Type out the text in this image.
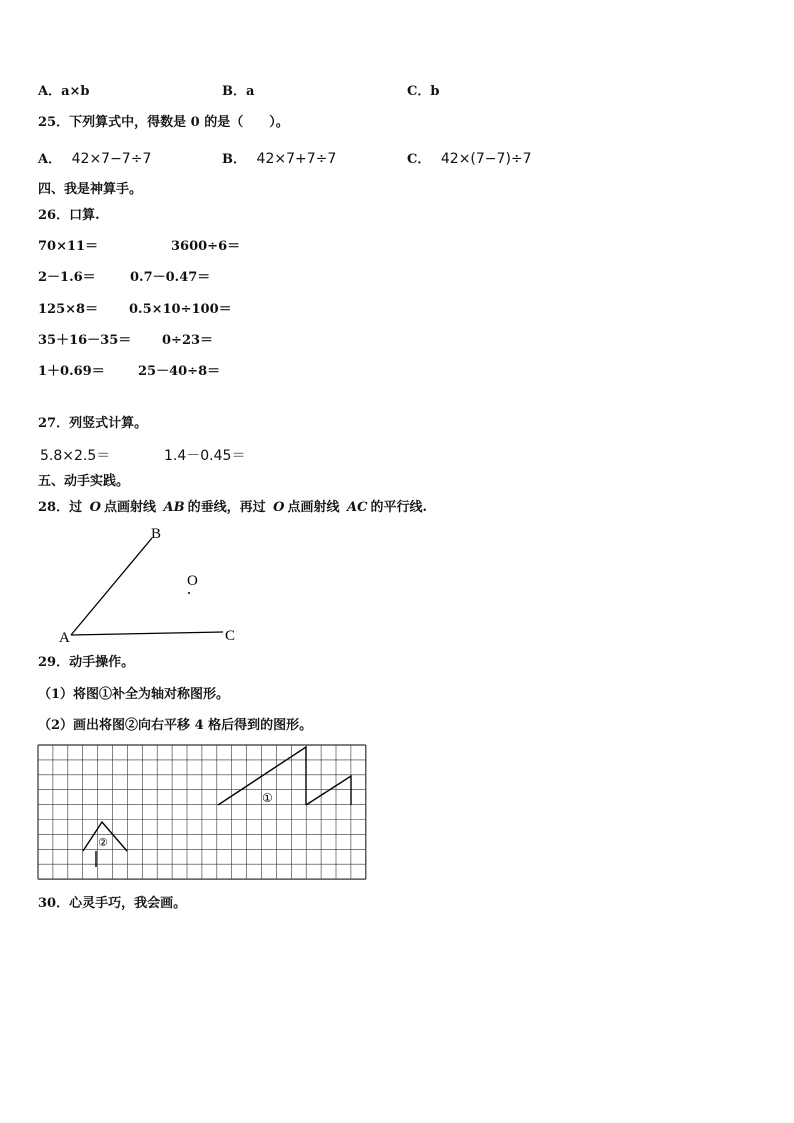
A．a×b	B．a	C．b
25．下列算式中，得数是 0 的是（　　）。
A． 42×7−7÷7	B． 42×7+7÷7	C． 42×(7−7)÷7
四、我是神算手。
26．口算.
70×11＝	3600÷6＝
2－1.6＝	0.7－0.47＝
125×8＝ 0.5×10÷100＝
35＋16－35＝ 0÷23＝
1＋0.69＝	25－40÷8＝
27．列竖式计算。
5.8×2.5＝	1.4－0.45＝
五、动手实践。
28．过 O 点画射线 AB 的垂线，再过 O 点画射线 AC 的平行线.
A
B
C
O
29．动手操作。
（1）将图①补全为轴对称图形。
（2）画出将图②向右平移 4 格后得到的图形。
①
②
30．心灵手巧，我会画。
